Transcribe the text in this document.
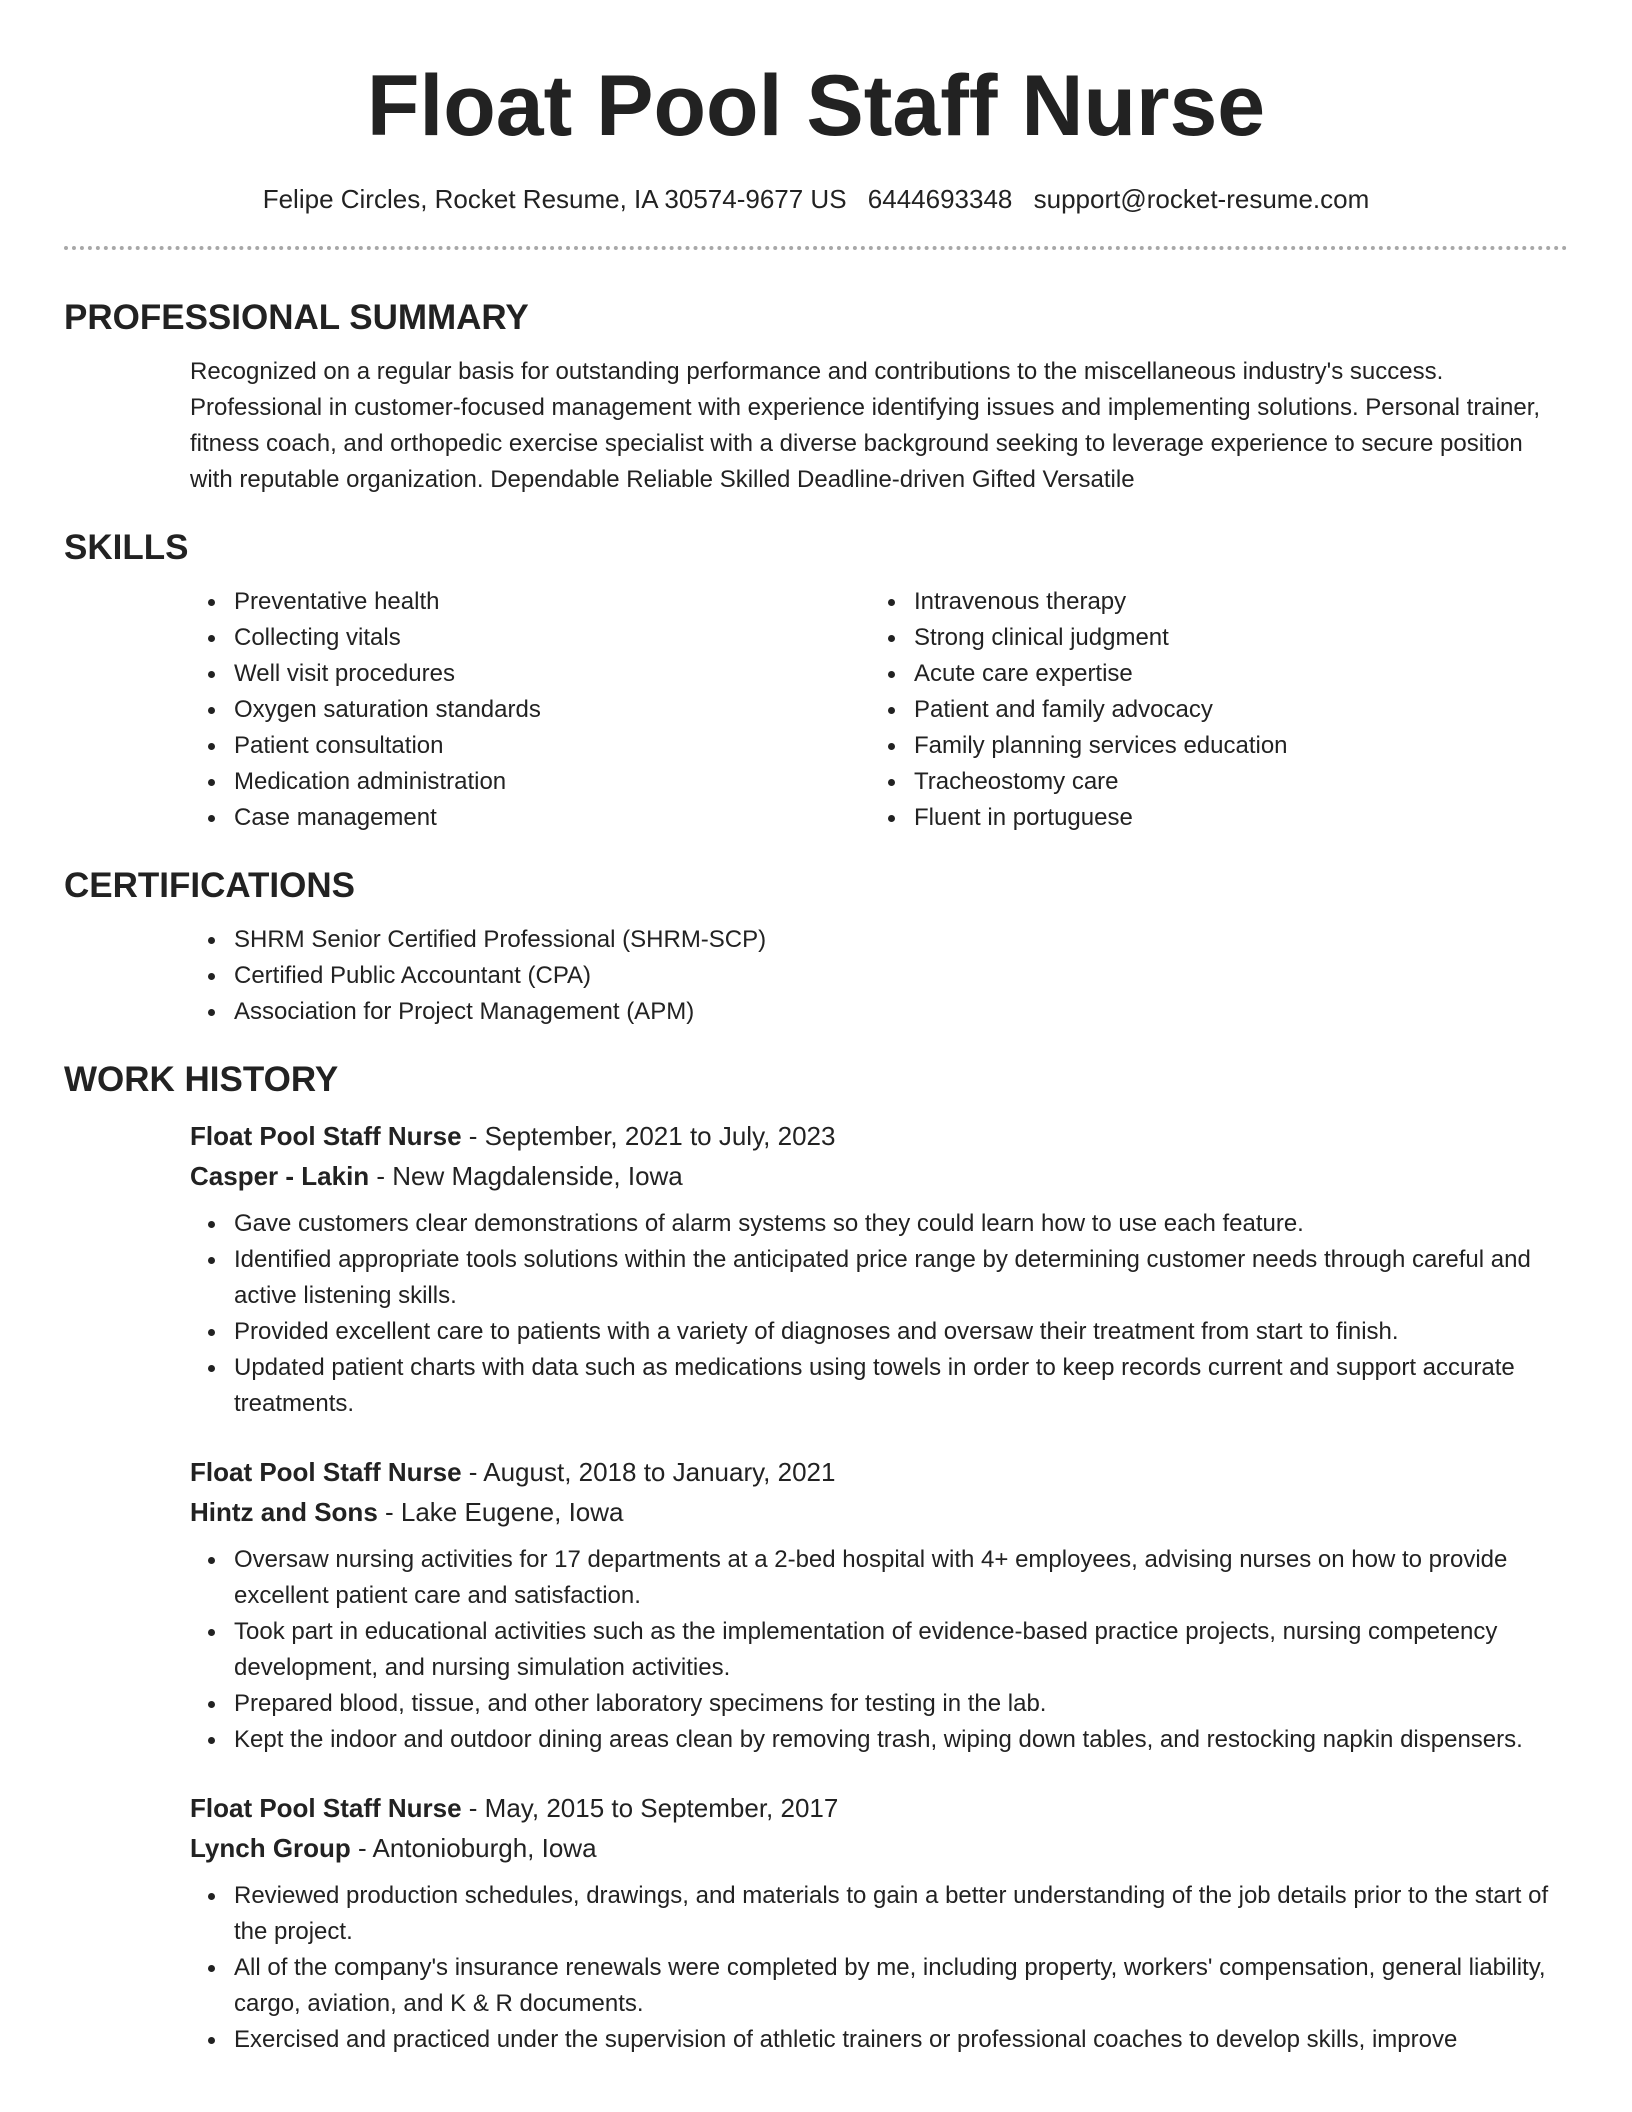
Float Pool Staff Nurse
Felipe Circles, Rocket Resume, IA 30574-9677 US 6444693348 support@rocket-resume.com
PROFESSIONAL SUMMARY
Recognized on a regular basis for outstanding performance and contributions to the miscellaneous industry's success. Professional in customer-focused management with experience identifying issues and implementing solutions. Personal trainer, fitness coach, and orthopedic exercise specialist with a diverse background seeking to leverage experience to secure position with reputable organization. Dependable Reliable Skilled Deadline-driven Gifted Versatile
SKILLS
Preventative health
Collecting vitals
Well visit procedures
Oxygen saturation standards
Patient consultation
Medication administration
Case management
Intravenous therapy
Strong clinical judgment
Acute care expertise
Patient and family advocacy
Family planning services education
Tracheostomy care
Fluent in portuguese
CERTIFICATIONS
SHRM Senior Certified Professional (SHRM-SCP)
Certified Public Accountant (CPA)
Association for Project Management (APM)
WORK HISTORY
Float Pool Staff Nurse - September, 2021 to July, 2023
Casper - Lakin - New Magdalenside, Iowa
Gave customers clear demonstrations of alarm systems so they could learn how to use each feature.
Identified appropriate tools solutions within the anticipated price range by determining customer needs through careful and active listening skills.
Provided excellent care to patients with a variety of diagnoses and oversaw their treatment from start to finish.
Updated patient charts with data such as medications using towels in order to keep records current and support accurate treatments.
Float Pool Staff Nurse - August, 2018 to January, 2021
Hintz and Sons - Lake Eugene, Iowa
Oversaw nursing activities for 17 departments at a 2-bed hospital with 4+ employees, advising nurses on how to provide excellent patient care and satisfaction.
Took part in educational activities such as the implementation of evidence-based practice projects, nursing competency development, and nursing simulation activities.
Prepared blood, tissue, and other laboratory specimens for testing in the lab.
Kept the indoor and outdoor dining areas clean by removing trash, wiping down tables, and restocking napkin dispensers.
Float Pool Staff Nurse - May, 2015 to September, 2017
Lynch Group - Antonioburgh, Iowa
Reviewed production schedules, drawings, and materials to gain a better understanding of the job details prior to the start of the project.
All of the company's insurance renewals were completed by me, including property, workers' compensation, general liability, cargo, aviation, and K & R documents.
Exercised and practiced under the supervision of athletic trainers or professional coaches to develop skills, improve
